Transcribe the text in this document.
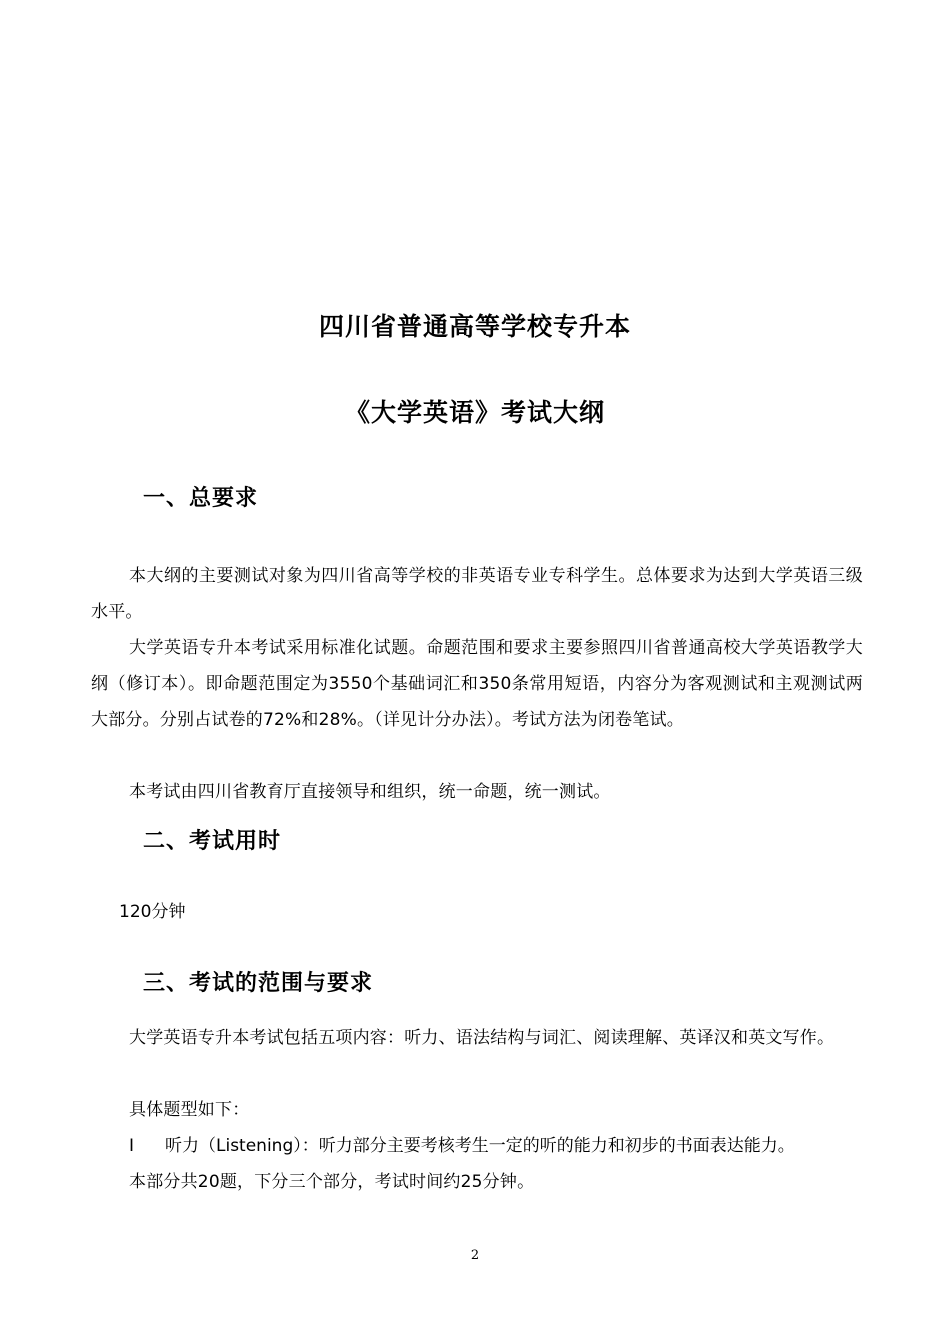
四川省普通高等学校专升本
《大学英语》考试大纲
一、总要求
本大纲的主要测试对象为四川省高等学校的非英语专业专科学生。总体要求为达到大学英语三级水平。
大学英语专升本考试采用标准化试题。命题范围和要求主要参照四川省普通高校大学英语教学大纲（修订本）。即命题范围定为3550个基础词汇和350条常用短语，内容分为客观测试和主观测试两大部分。分别占试卷的72%和28%。（详见计分办法）。考试方法为闭卷笔试。
本考试由四川省教育厅直接领导和组织，统一命题，统一测试。
二、考试用时
120分钟
三、考试的范围与要求
大学英语专升本考试包括五项内容：听力、语法结构与词汇、阅读理解、英译汉和英文写作。
具体题型如下：
I 听力（Listening）：听力部分主要考核考生一定的听的能力和初步的书面表达能力。
本部分共20题，下分三个部分，考试时间约25分钟。
2
